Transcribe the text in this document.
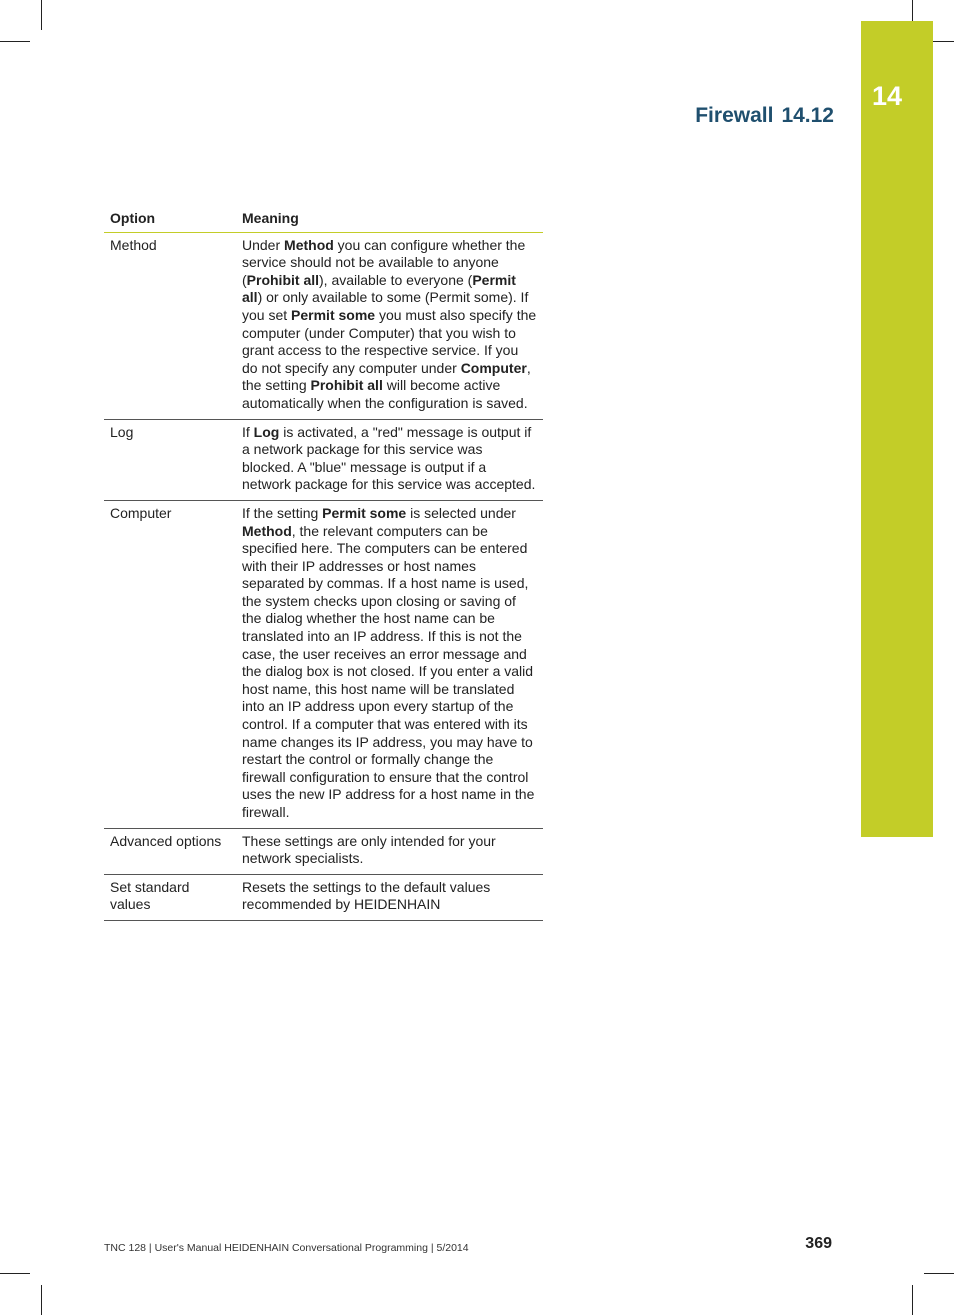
14
Firewall 14.12
Option	Meaning
Method	Under Method you can configure whether the service should not be available to anyone (Prohibit all), available to everyone (Permit all) or only available to some (Permit some). If you set Permit some you must also specify the computer (under Computer) that you wish to grant access to the respective service. If you do not specify any computer under Computer, the setting Prohibit all will become active automatically when the configuration is saved.
Log	If Log is activated, a "red" message is output if a network package for this service was blocked. A "blue" message is output if a network package for this service was accepted.
Computer	If the setting Permit some is selected under Method, the relevant computers can be specified here. The computers can be entered with their IP addresses or host names separated by commas. If a host name is used, the system checks upon closing or saving of the dialog whether the host name can be translated into an IP address. If this is not the case, the user receives an error message and the dialog box is not closed. If you enter a valid host name, this host name will be translated into an IP address upon every startup of the control. If a computer that was entered with its name changes its IP address, you may have to restart the control or formally change the firewall configuration to ensure that the control uses the new IP address for a host name in the firewall.
Advanced options	These settings are only intended for your network specialists.
Set standard values	Resets the settings to the default values recommended by HEIDENHAIN
TNC 128 | User's Manual HEIDENHAIN Conversational Programming | 5/2014	369
